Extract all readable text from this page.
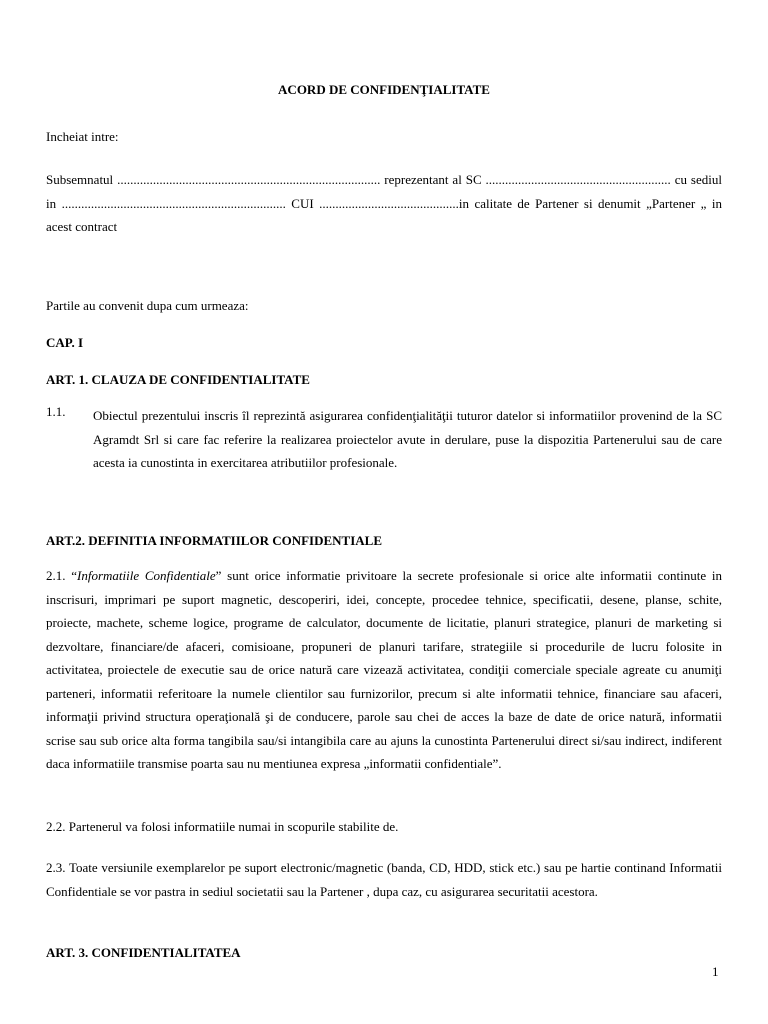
ACORD DE CONFIDENŢIALITATE

Incheiat intre:

Subsemnatul ................................................................................. reprezentant al SC ......................................................... cu sediul in ..................................................................... CUI ...........................................in calitate de Partener si denumit „Partener „ in acest contract

Partile au convenit dupa cum urmeaza:

CAP. I

ART. 1. CLAUZA DE CONFIDENTIALITATE

1.1.	Obiectul prezentului inscris îl reprezintă asigurarea confidenţialităţii tuturor datelor si informatiilor provenind de la SC Agramdt Srl si care fac referire la realizarea proiectelor avute in derulare, puse la dispozitia Partenerului sau de care acesta ia cunostinta in exercitarea atributiilor profesionale.

ART.2. DEFINITIA INFORMATIILOR CONFIDENTIALE

2.1. “Informatiile Confidentiale” sunt orice informatie privitoare la secrete profesionale si orice alte informatii continute in inscrisuri, imprimari pe suport magnetic, descoperiri, idei, concepte, procedee tehnice, specificatii, desene, planse, schite, proiecte, machete, scheme logice, programe de calculator, documente de licitatie, planuri strategice, planuri de marketing si dezvoltare, financiare/de afaceri, comisioane, propuneri de planuri tarifare, strategiile si procedurile de lucru folosite in activitatea, proiectele de executie sau de orice natură care vizează activitatea, condiţii comerciale speciale agreate cu anumiţi parteneri, informatii referitoare la numele clientilor sau furnizorilor, precum si alte informatii tehnice, financiare sau afaceri, informaţii privind structura operaţională şi de conducere, parole sau chei de acces la baze de date de orice natură, informatii scrise sau sub orice alta forma tangibila sau/si intangibila care au ajuns la cunostinta Partenerului direct si/sau indirect, indiferent daca informatiile transmise poarta sau nu mentiunea expresa „informatii confidentiale”.

2.2. Partenerul va folosi informatiile numai in scopurile stabilite de.

2.3. Toate versiunile exemplarelor pe suport electronic/magnetic (banda, CD, HDD, stick etc.) sau pe hartie continand Informatii Confidentiale se vor pastra in sediul societatii sau la Partener , dupa caz, cu asigurarea securitatii acestora.

ART. 3. CONFIDENTIALITATEA

1
